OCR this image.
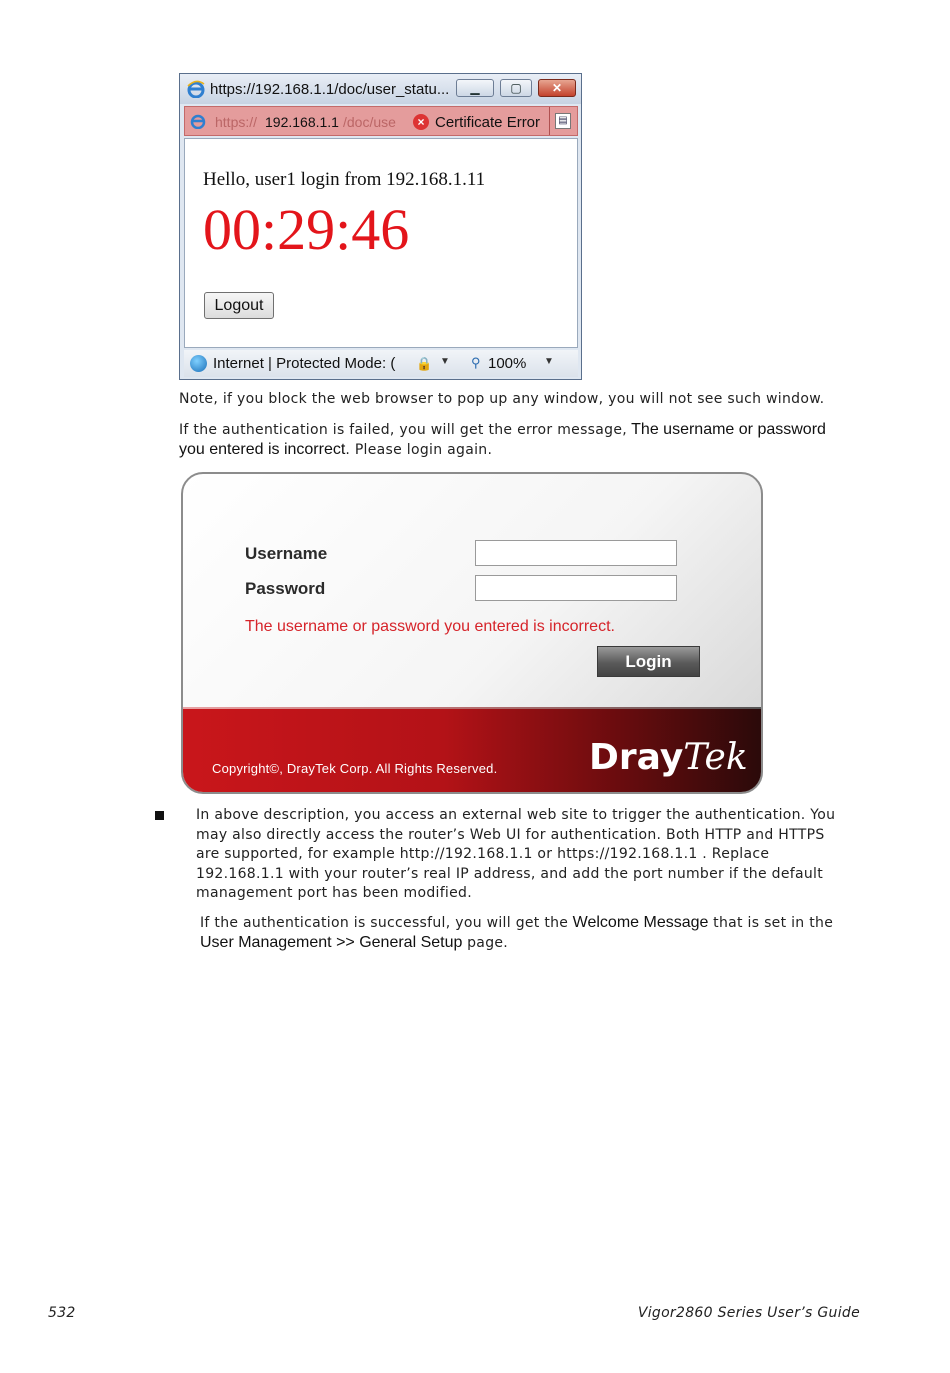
https://192.168.1.1/doc/user_statu...	▁	▢	✕
https:// 192.168.1.1 /doc/use	× Certificate Error	▤
Hello, user1 login from 192.168.1.11
00:29:46
Logout
Internet | Protected Mode: ( 🔒 ▼ ⚲ 100% ▼
Note, if you block the web browser to pop up any window, you will not see such window.
If the authentication is failed, you will get the error message, The username or password
you entered is incorrect. Please login again.
Username
Password
The username or password you entered is incorrect.
Login
Copyright©, DrayTek Corp. All Rights Reserved.	DrayTek
In above description, you access an external web site to trigger the authentication. You
may also directly access the router’s Web UI for authentication. Both HTTP and HTTPS
are supported, for example http://192.168.1.1 or https://192.168.1.1 . Replace
192.168.1.1 with your router’s real IP address, and add the port number if the default
management port has been modified.
If the authentication is successful, you will get the Welcome Message that is set in the
User Management >> General Setup page.
532	Vigor2860 Series User’s Guide
